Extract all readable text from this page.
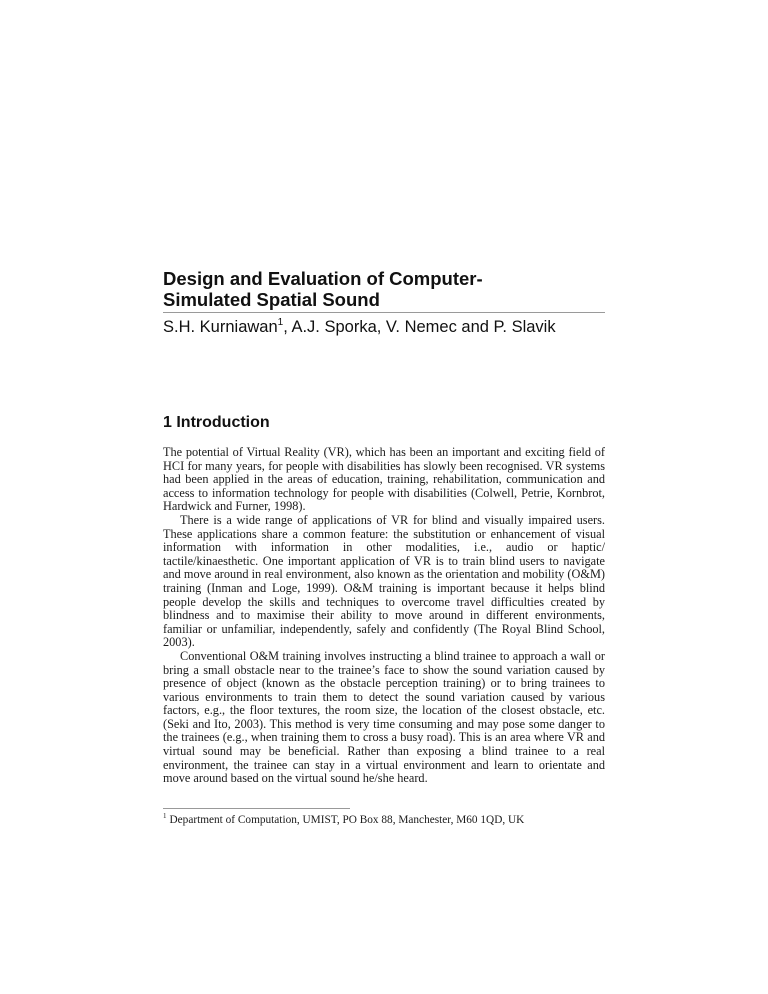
Design and Evaluation of Computer-
Simulated Spatial Sound
S.H. Kurniawan$^1$, A.J. Sporka, V. Nemec and P. Slavik
1 Introduction

The potential of Virtual Reality (VR), which has been an important and exciting field of HCI for many years, for people with disabilities has slowly been recognised. VR systems had been applied in the areas of education, training, rehabilitation, communication and access to information technology for people with disabilities (Colwell, Petrie, Kornbrot, Hardwick and Furner, 1998).

There is a wide range of applications of VR for blind and visually impaired users. These applications share a common feature: the substitution or enhancement of visual information with information in other modalities, i.e., audio or haptic/ tactile/kinaesthetic. One important application of VR is to train blind users to navigate and move around in real environment, also known as the orientation and mobility (O&M) training (Inman and Loge, 1999). O&M training is important because it helps blind people develop the skills and techniques to overcome travel difficulties created by blindness and to maximise their ability to move around in different environments, familiar or unfamiliar, independently, safely and confidently (The Royal Blind School, 2003).

Conventional O&M training involves instructing a blind trainee to approach a wall or bring a small obstacle near to the trainee’s face to show the sound variation caused by presence of object (known as the obstacle perception training) or to bring trainees to various environments to train them to detect the sound variation caused by various factors, e.g., the floor textures, the room size, the location of the closest obstacle, etc. (Seki and Ito, 2003). This method is very time consuming and may pose some danger to the trainees (e.g., when training them to cross a busy road). This is an area where VR and virtual sound may be beneficial. Rather than exposing a blind trainee to a real environment, the trainee can stay in a virtual environment and learn to orientate and move around based on the virtual sound he/she heard.

$^1$ Department of Computation, UMIST, PO Box 88, Manchester, M60 1QD, UK
